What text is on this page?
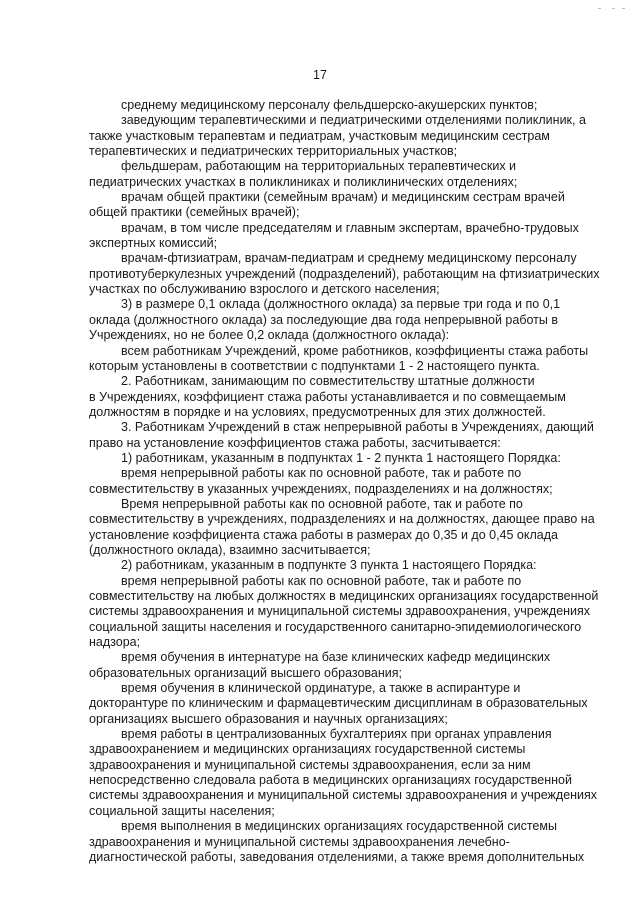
17

среднему медицинскому персоналу фельдшерско-акушерских пунктов;

заведующим терапевтическими и педиатрическими отделениями поликлиник, а
также участковым терапевтам и педиатрам, участковым медицинским сестрам
терапевтических и педиатрических территориальных участков;

фельдшерам, работающим на территориальных терапевтических и
педиатрических участках в поликлиниках и поликлинических отделениях;

врачам общей практики (семейным врачам) и медицинским сестрам врачей
общей практики (семейных врачей);

врачам, в том числе председателям и главным экспертам, врачебно-трудовых
экспертных комиссий;

врачам-фтизиатрам, врачам-педиатрам и среднему медицинскому персоналу
противотуберкулезных учреждений (подразделений), работающим на фтизиатрических
участках по обслуживанию взрослого и детского населения;

3) в размере 0,1 оклада (должностного оклада) за первые три года и по 0,1
оклада (должностного оклада) за последующие два года непрерывной работы в
Учреждениях, но не более 0,2 оклада (должностного оклада):

всем работникам Учреждений, кроме работников, коэффициенты стажа работы
которым установлены в соответствии с подпунктами 1 - 2 настоящего пункта.

2. Работникам, занимающим по совместительству штатные должности
в Учреждениях, коэффициент стажа работы устанавливается и по совмещаемым
должностям в порядке и на условиях, предусмотренных для этих должностей.

3. Работникам Учреждений в стаж непрерывной работы в Учреждениях, дающий
право на установление коэффициентов стажа работы, засчитывается:

1) работникам, указанным в подпунктах 1 - 2 пункта 1 настоящего Порядка:

время непрерывной работы как по основной работе, так и работе по
совместительству в указанных учреждениях, подразделениях и на должностях;

Время непрерывной работы как по основной работе, так и работе по
совместительству в учреждениях, подразделениях и на должностях, дающее право на
установление коэффициента стажа работы в размерах до 0,35 и до 0,45 оклада
(должностного оклада), взаимно засчитывается;

2) работникам, указанным в подпункте 3 пункта 1 настоящего Порядка:

время непрерывной работы как по основной работе, так и работе по
совместительству на любых должностях в медицинских организациях государственной
системы здравоохранения и муниципальной системы здравоохранения, учреждениях
социальной защиты населения и государственного санитарно-эпидемиологического
надзора;

время обучения в интернатуре на базе клинических кафедр медицинских
образовательных организаций высшего образования;

время обучения в клинической ординатуре, а также в аспирантуре и
докторантуре по клиническим и фармацевтическим дисциплинам в образовательных
организациях высшего образования и научных организациях;

время работы в централизованных бухгалтериях при органах управления
здравоохранением и медицинских организациях государственной системы
здравоохранения и муниципальной системы здравоохранения, если за ним
непосредственно следовала работа в медицинских организациях государственной
системы здравоохранения и муниципальной системы здравоохранения и учреждениях
социальной защиты населения;

время выполнения в медицинских организациях государственной системы
здравоохранения и муниципальной системы здравоохранения лечебно-
диагностической работы, заведования отделениями, а также время дополнительных
